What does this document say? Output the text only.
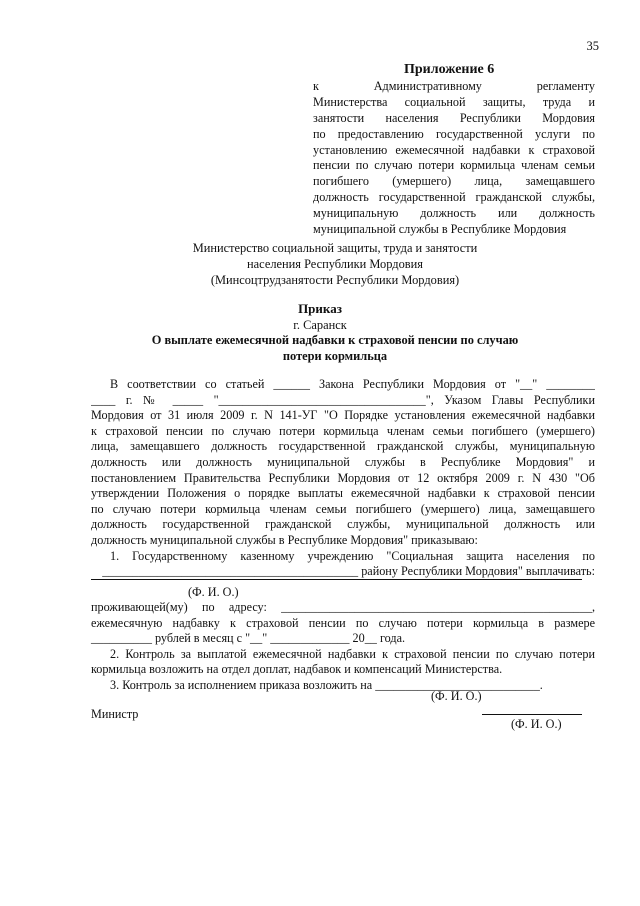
35
Приложение 6
к Административному регламенту
Министерства социальной защиты, труда и
занятости населения Республики Мордовия
по предоставлению государственной услуги по
установлению ежемесячной надбавки к страховой
пенсии по случаю потери кормильца членам семьи
погибшего (умершего) лица, замещавшего
должность государственной гражданской службы,
муниципальную должность или должность
муниципальной службы в Республике Мордовия
Министерство социальной защиты, труда и занятости
населения Республики Мордовия
(Минсоцтрудзанятости Республики Мордовия)
Приказ
г. Саранск
О выплате ежемесячной надбавки к страховой пенсии по случаю
потери кормильца
В соответствии со статьей ______ Закона Республики Мордовия от "__" ________
____ г. № _____ "__________________________________", Указом Главы Республики
Мордовия от 31 июля 2009 г. N 141-УГ "О Порядке установления ежемесячной надбавки
к страховой пенсии по случаю потери кормильца членам семьи погибшего (умершего)
лица, замещавшего должность государственной гражданской службы, муниципальную
должность или должность муниципальной службы в Республике Мордовия" и
постановлением Правительства Республики Мордовия от 12 октября 2009 г. N 430 "Об
утверждении Положения о порядке выплаты ежемесячной надбавки к страховой пенсии
по случаю потери кормильца членам семьи погибшего (умершего) лица, замещавшего
должность государственной гражданской службы, муниципальной должность или
должность муниципальной службы в Республике Мордовия" приказываю:
1. Государственному казенному учреждению "Социальная защита населения по
__________________________________________ району Республики Мордовия" выплачивать:
(Ф. И. О.)
проживающей(му) по адресу: ___________________________________________________,
ежемесячную надбавку к страховой пенсии по случаю потери кормильца в размере
__________ рублей в месяц с "__" _____________ 20__ года.
2. Контроль за выплатой ежемесячной надбавки к страховой пенсии по случаю потери
кормильца возложить на отдел доплат, надбавок и компенсаций Министерства.
3. Контроль за исполнением приказа возложить на ___________________________.
(Ф. И. О.)
Министр
(Ф. И. О.)
